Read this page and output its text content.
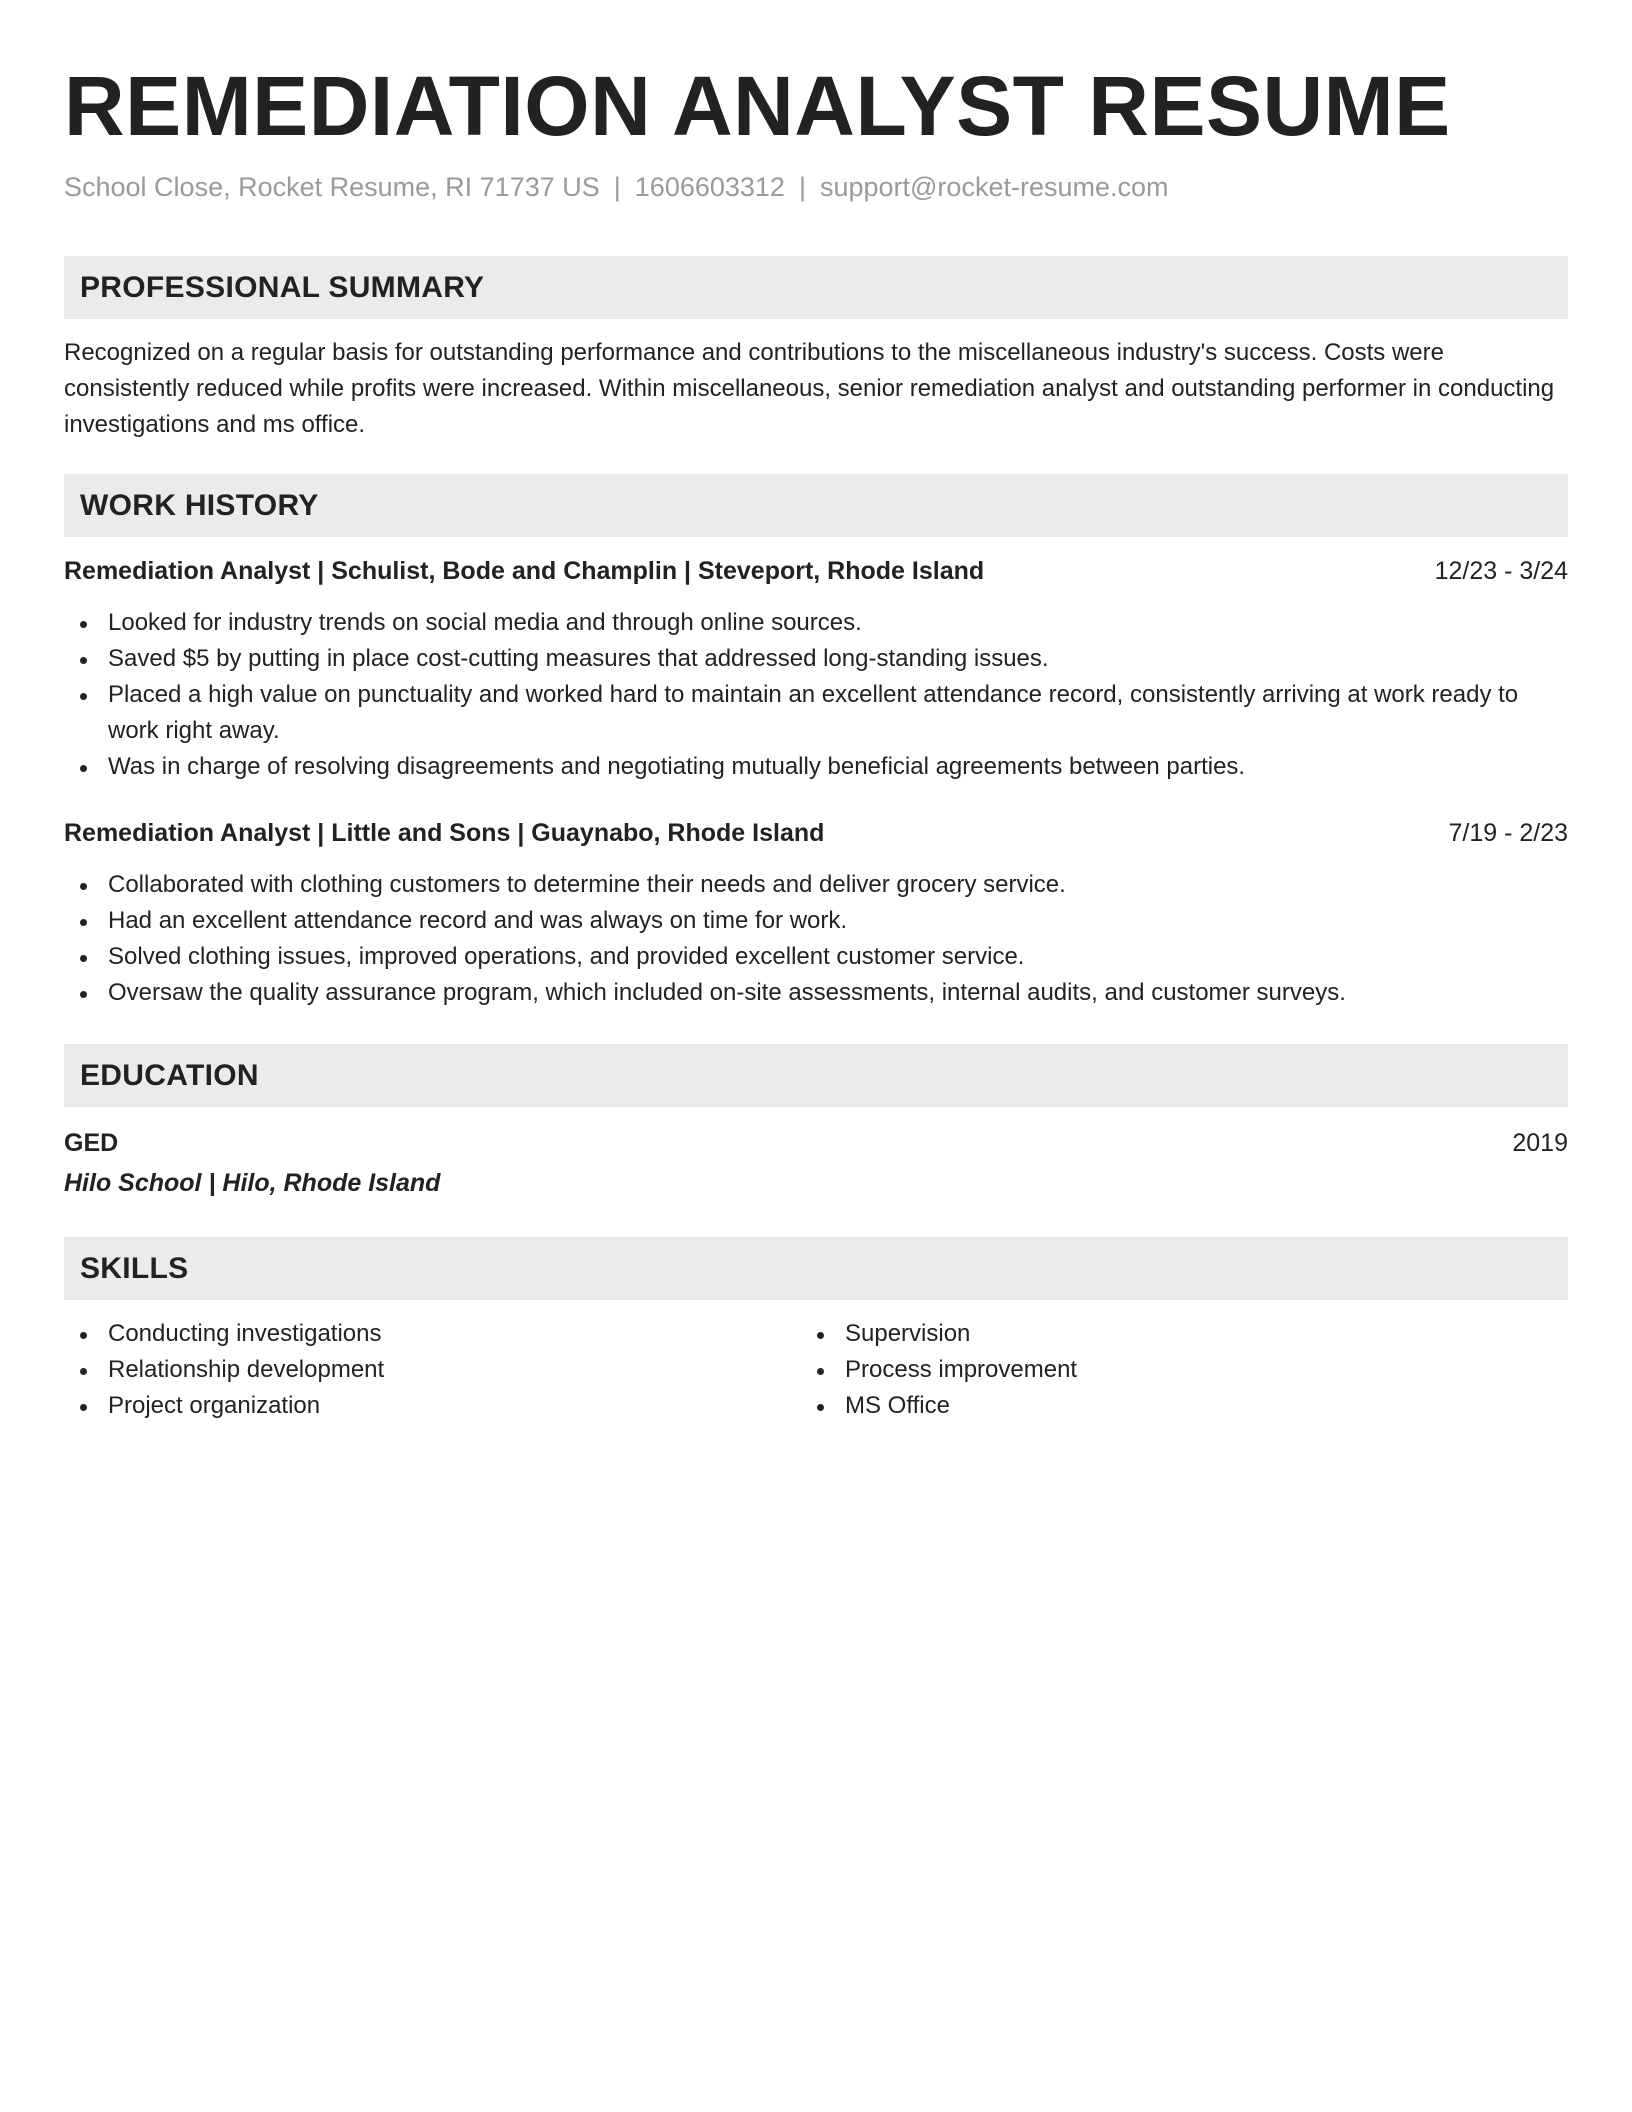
REMEDIATION ANALYST RESUME
School Close, Rocket Resume, RI 71737 US | 1606603312 | support@rocket-resume.com
PROFESSIONAL SUMMARY
Recognized on a regular basis for outstanding performance and contributions to the miscellaneous industry's success. Costs were consistently reduced while profits were increased. Within miscellaneous, senior remediation analyst and outstanding performer in conducting investigations and ms office.
WORK HISTORY
Remediation Analyst | Schulist, Bode and Champlin | Steveport, Rhode Island	12/23 - 3/24
Looked for industry trends on social media and through online sources.
Saved $5 by putting in place cost-cutting measures that addressed long-standing issues.
Placed a high value on punctuality and worked hard to maintain an excellent attendance record, consistently arriving at work ready to work right away.
Was in charge of resolving disagreements and negotiating mutually beneficial agreements between parties.
Remediation Analyst | Little and Sons | Guaynabo, Rhode Island	7/19 - 2/23
Collaborated with clothing customers to determine their needs and deliver grocery service.
Had an excellent attendance record and was always on time for work.
Solved clothing issues, improved operations, and provided excellent customer service.
Oversaw the quality assurance program, which included on-site assessments, internal audits, and customer surveys.
EDUCATION
GED	2019
Hilo School | Hilo, Rhode Island
SKILLS
Conducting investigations
Relationship development
Project organization
Supervision
Process improvement
MS Office
